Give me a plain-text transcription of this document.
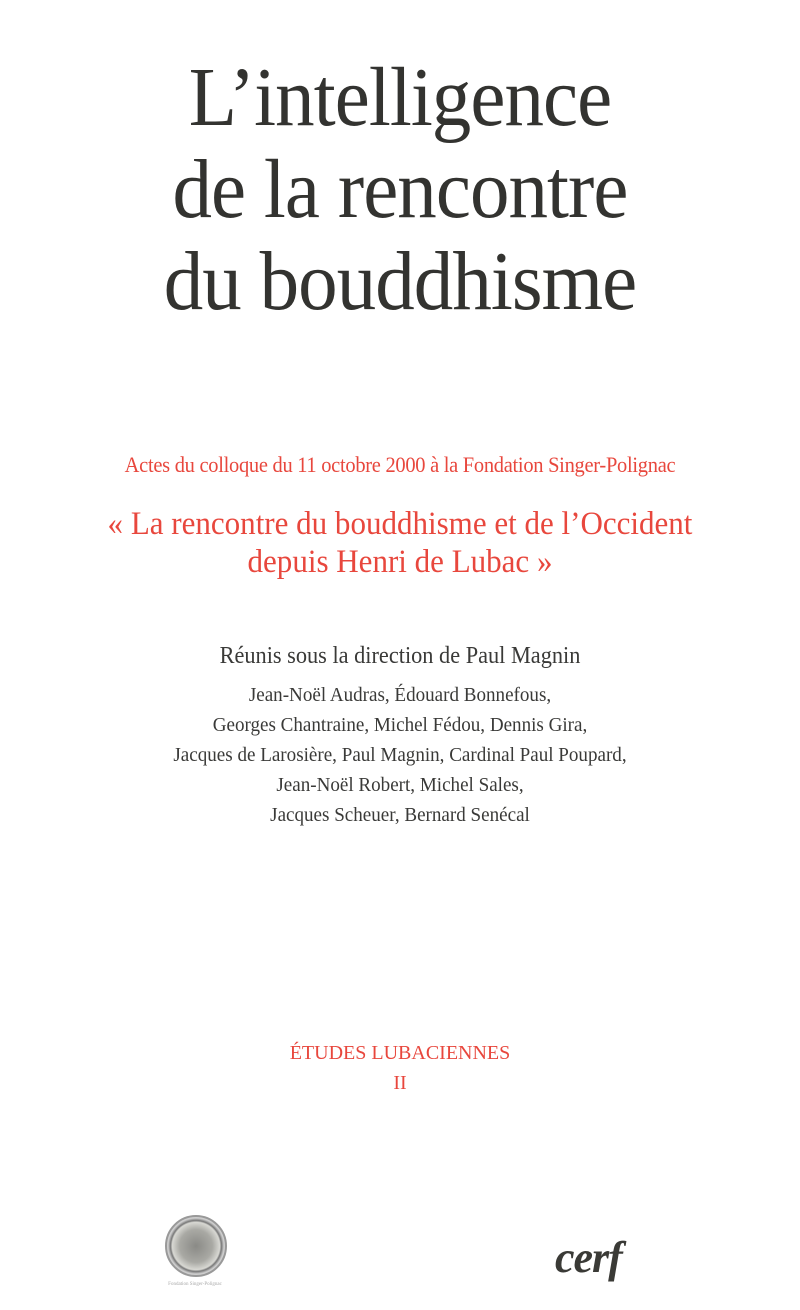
L’intelligence
de la rencontre
du bouddhisme
Actes du colloque du 11 octobre 2000 à la Fondation Singer-Polignac
« La rencontre du bouddhisme et de l’Occident
depuis Henri de Lubac »
Réunis sous la direction de Paul Magnin
Jean-Noël Audras, Édouard Bonnefous,
Georges Chantraine, Michel Fédou, Dennis Gira,
Jacques de Larosière, Paul Magnin, Cardinal Paul Poupard,
Jean-Noël Robert, Michel Sales,
Jacques Scheuer, Bernard Senécal
ÉTUDES LUBACIENNES
II
Fondation Singer-Polignac
cerf
